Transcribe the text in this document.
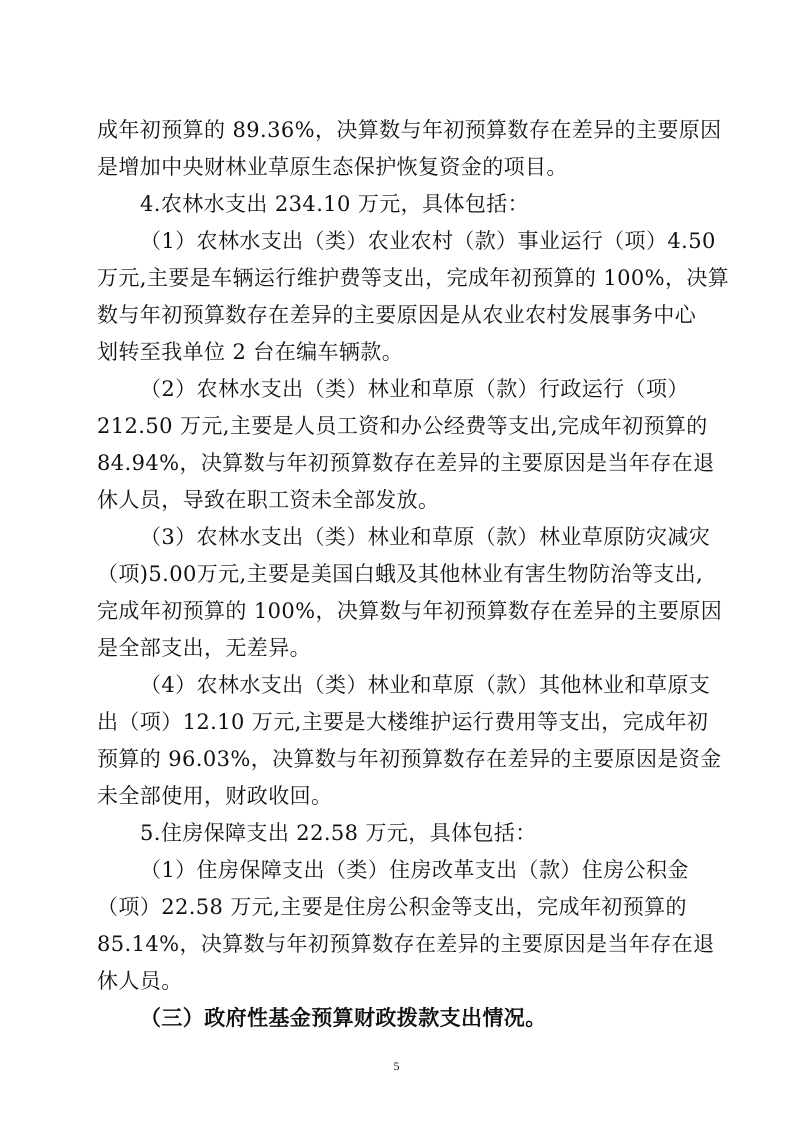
成年初预算的 89.36%，决算数与年初预算数存在差异的主要原因
是增加中央财林业草原生态保护恢复资金的项目。
4.农林水支出 234.10 万元，具体包括：
（1）农林水支出（类）农业农村（款）事业运行（项）4.50
万元,主要是车辆运行维护费等支出，完成年初预算的 100%，决算
数与年初预算数存在差异的主要原因是从农业农村发展事务中心
划转至我单位 2 台在编车辆款。
（2）农林水支出（类）林业和草原（款）行政运行（项）
212.50 万元,主要是人员工资和办公经费等支出,完成年初预算的
84.94%，决算数与年初预算数存在差异的主要原因是当年存在退
休人员，导致在职工资未全部发放。
（3）农林水支出（类）林业和草原（款）林业草原防灾减灾
（项)5.00万元,主要是美国白蛾及其他林业有害生物防治等支出,
完成年初预算的 100%，决算数与年初预算数存在差异的主要原因
是全部支出，无差异。
（4）农林水支出（类）林业和草原（款）其他林业和草原支
出（项）12.10 万元,主要是大楼维护运行费用等支出，完成年初
预算的 96.03%，决算数与年初预算数存在差异的主要原因是资金
未全部使用，财政收回。
5.住房保障支出 22.58 万元，具体包括：
（1）住房保障支出（类）住房改革支出（款）住房公积金
（项）22.58 万元,主要是住房公积金等支出，完成年初预算的
85.14%，决算数与年初预算数存在差异的主要原因是当年存在退
休人员。
（三）政府性基金预算财政拨款支出情况。
5
